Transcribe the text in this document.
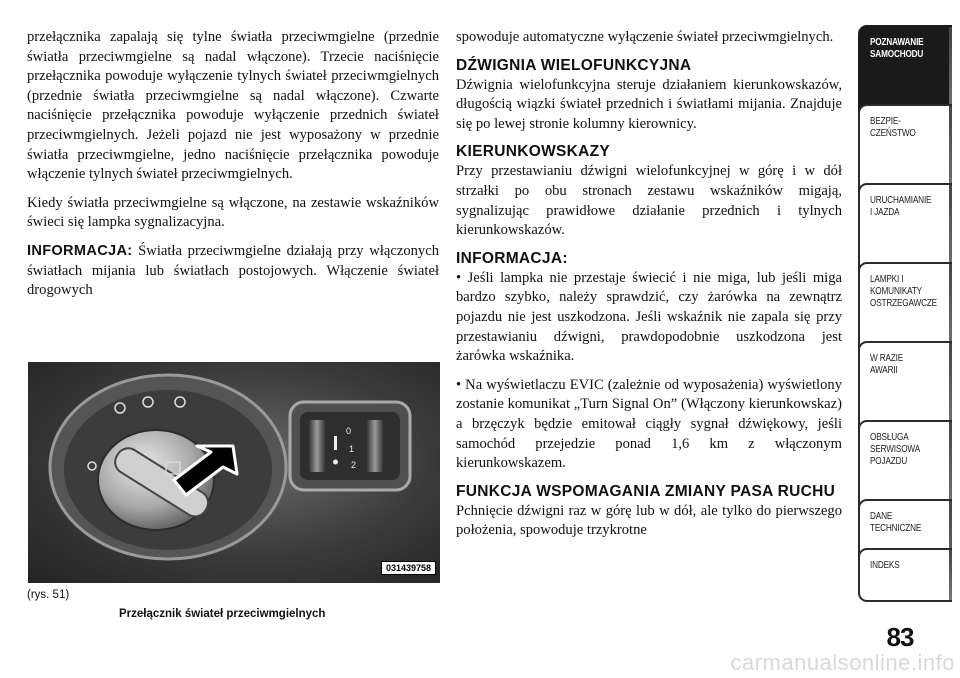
przełącznika zapalają się tylne światła przeciwmgielne (przednie światła przeciwmgielne są nadal włączone). Trzecie naciśnięcie przełącznika powoduje wyłączenie tylnych świateł przeciwmgielnych (przednie światła przeciwmgielne są nadal włączone). Czwarte naciśnięcie przełącznika powoduje wyłączenie przednich świateł przeciwmgielnych. Jeżeli pojazd nie jest wyposażony w przednie światła przeciwmgielne, jedno naciśnięcie przełącznika powoduje włączenie tylnych świateł przeciwmgielnych.

Kiedy światła przeciwmgielne są włączone, na zestawie wskaźników świeci się lampka sygnalizacyjna.

INFORMACJA: Światła przeciwmgielne działają przy włączonych światłach mijania lub światłach postojowych. Włączenie świateł drogowych

0
1
2
031439758
(rys. 51)
Przełącznik świateł przeciwmgielnych

spowoduje automatyczne wyłączenie świateł przeciwmgielnych.

DŹWIGNIA WIELOFUNKCYJNA

Dźwignia wielofunkcyjna steruje działaniem kierunkowskazów, długością wiązki świateł przednich i światłami mijania. Znajduje się po lewej stronie kolumny kierownicy.

KIERUNKOWSKAZY

Przy przestawianiu dźwigni wielofunkcyjnej w górę i w dół strzałki po obu stronach zestawu wskaźników migają, sygnalizując prawidłowe działanie przednich i tylnych kierunkowskazów.

INFORMACJA:

• Jeśli lampka nie przestaje świecić i nie miga, lub jeśli miga bardzo szybko, należy sprawdzić, czy żarówka na zewnątrz pojazdu nie jest uszkodzona. Jeśli wskaźnik nie zapala się przy przestawianiu dźwigni, prawdopodobnie uszkodzona jest żarówka wskaźnika.

• Na wyświetlaczu EVIC (zależnie od wyposażenia) wyświetlony zostanie komunikat „Turn Signal On” (Włączony kierunkowskaz) a brzęczyk będzie emitował ciągły sygnał dźwiękowy, jeśli samochód przejedzie ponad 1,6 km z włączonym kierunkowskazem.

FUNKCJA WSPOMAGANIA ZMIANY PASA RUCHU

Pchnięcie dźwigni raz w górę lub w dół, ale tylko do pierwszego położenia, spowoduje trzykrotne

POZNAWANIE
SAMOCHODU
BEZPIE-
CZEŃSTWO
URUCHAMIANIE
I JAZDA
LAMPKI I
KOMUNIKATY
OSTRZEGAWCZE
W RAZIE
AWARII
OBSŁUGA
SERWISOWA
POJAZDU
DANE
TECHNICZNE
INDEKS
83
carmanualsonline.info
